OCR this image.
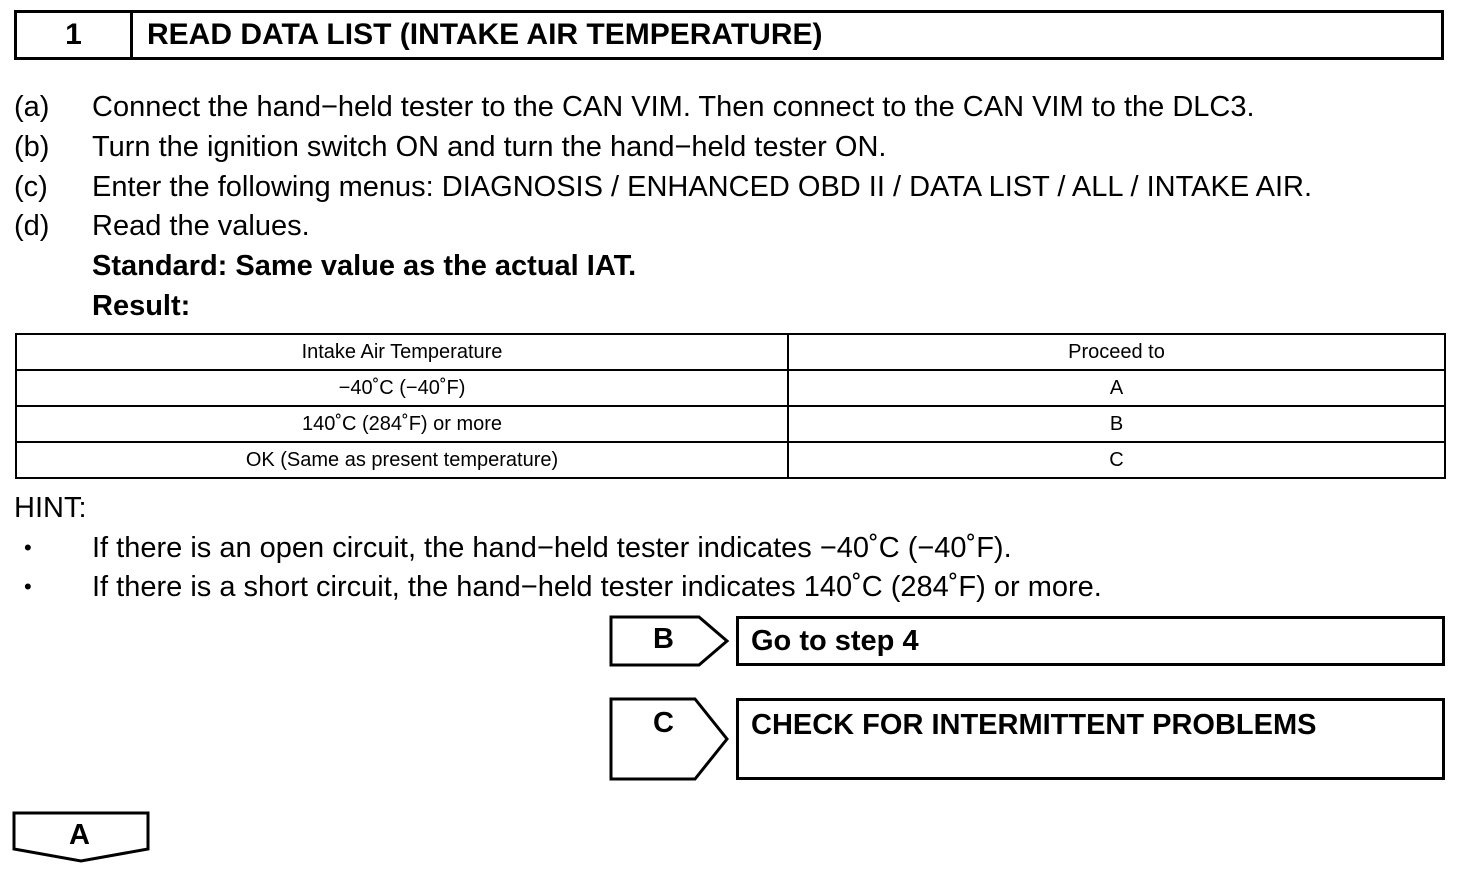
1	READ DATA LIST (INTAKE AIR TEMPERATURE)
(a)	Connect the hand−held tester to the CAN VIM. Then connect to the CAN VIM to the DLC3.
(b)	Turn the ignition switch ON and turn the hand−held tester ON.
(c)	Enter the following menus: DIAGNOSIS / ENHANCED OBD II / DATA LIST / ALL / INTAKE AIR.
(d)	Read the values.
Standard: Same value as the actual IAT.
Result:
Intake Air Temperature	Proceed to
−40˚C (−40˚F)	A
140˚C (284˚F) or more	B
OK (Same as present temperature)	C
HINT:
•	If there is an open circuit, the hand−held tester indicates −40˚C (−40˚F).
•	If there is a short circuit, the hand−held tester indicates 140˚C (284˚F) or more.
B	Go to step 4
C	CHECK FOR INTERMITTENT PROBLEMS
A
